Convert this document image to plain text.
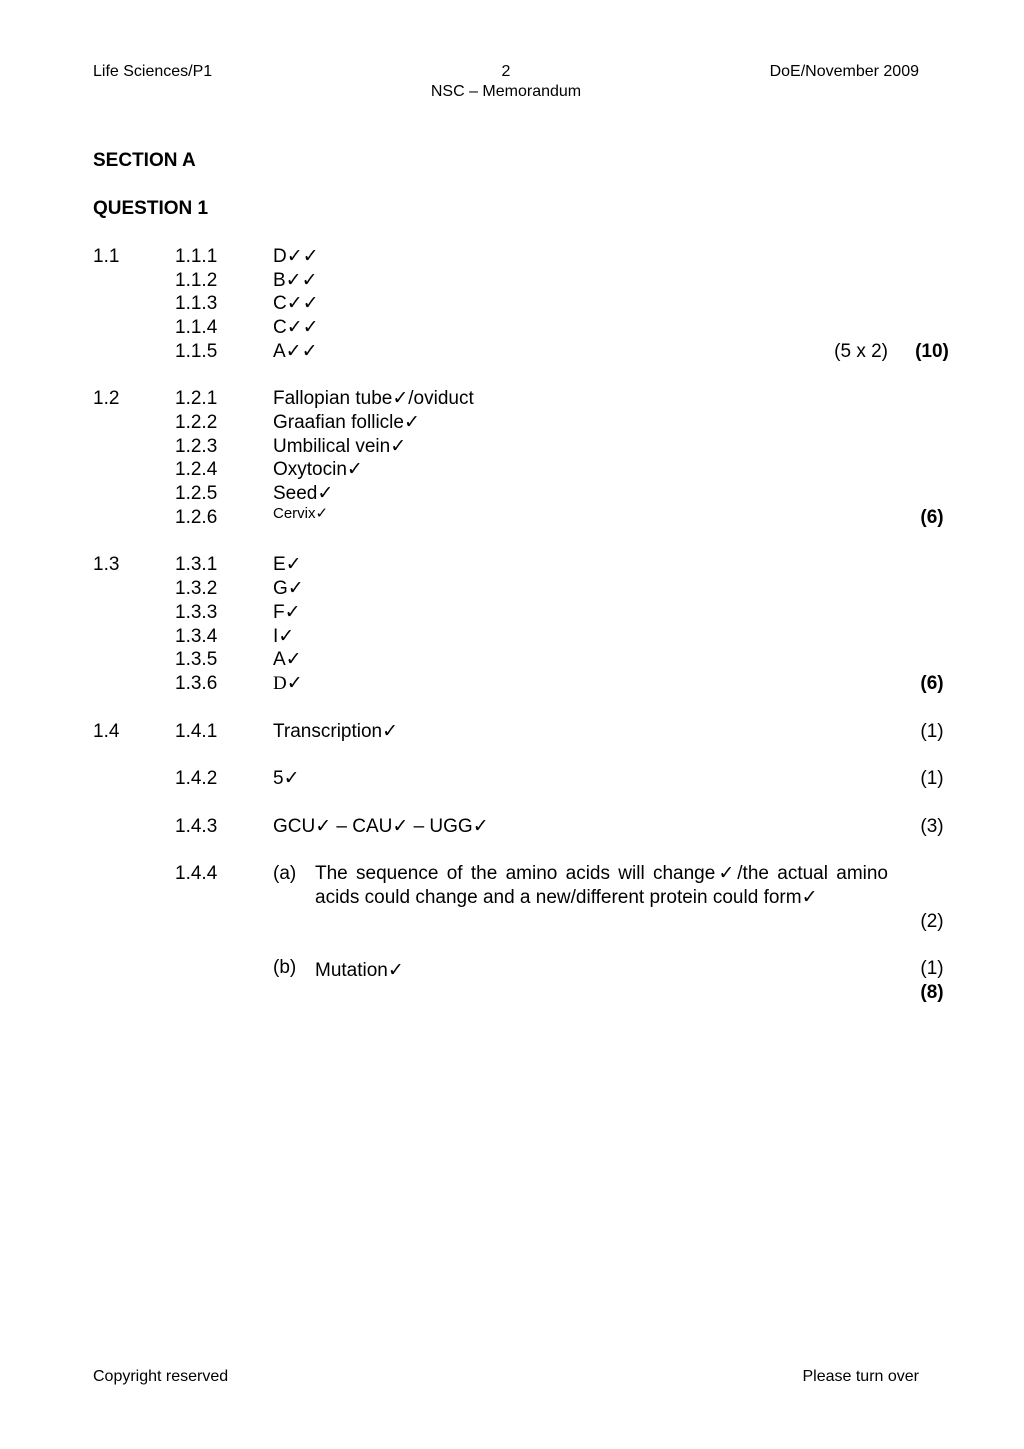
Life Sciences/P1	2
NSC – Memorandum
DoE/November 2009
SECTION A
QUESTION 1
1.1	1.1.1	D✓✓
1.1.2	B✓✓
1.1.3	C✓✓
1.1.4	C✓✓
1.1.5	A✓✓	(5 x 2)	(10)
1.2	1.2.1	Fallopian tube✓/oviduct
1.2.2	Graafian follicle✓
1.2.3	Umbilical vein✓
1.2.4	Oxytocin✓
1.2.5	Seed✓
1.2.6	Cervix✓	(6)
1.3	1.3.1	E✓
1.3.2	G✓
1.3.3	F✓
1.3.4	I✓
1.3.5	A✓
1.3.6	D✓	(6)
1.4	1.4.1	Transcription✓	(1)
1.4.2	5✓	(1)
1.4.3	GCU✓ – CAU✓ – UGG✓	(3)
1.4.4	(a) The sequence of the amino acids will change✓/the actual amino acids could change and a new/different protein could form✓
(2)
(b) Mutation✓	(1)
(8)
Copyright reserved	Please turn over
